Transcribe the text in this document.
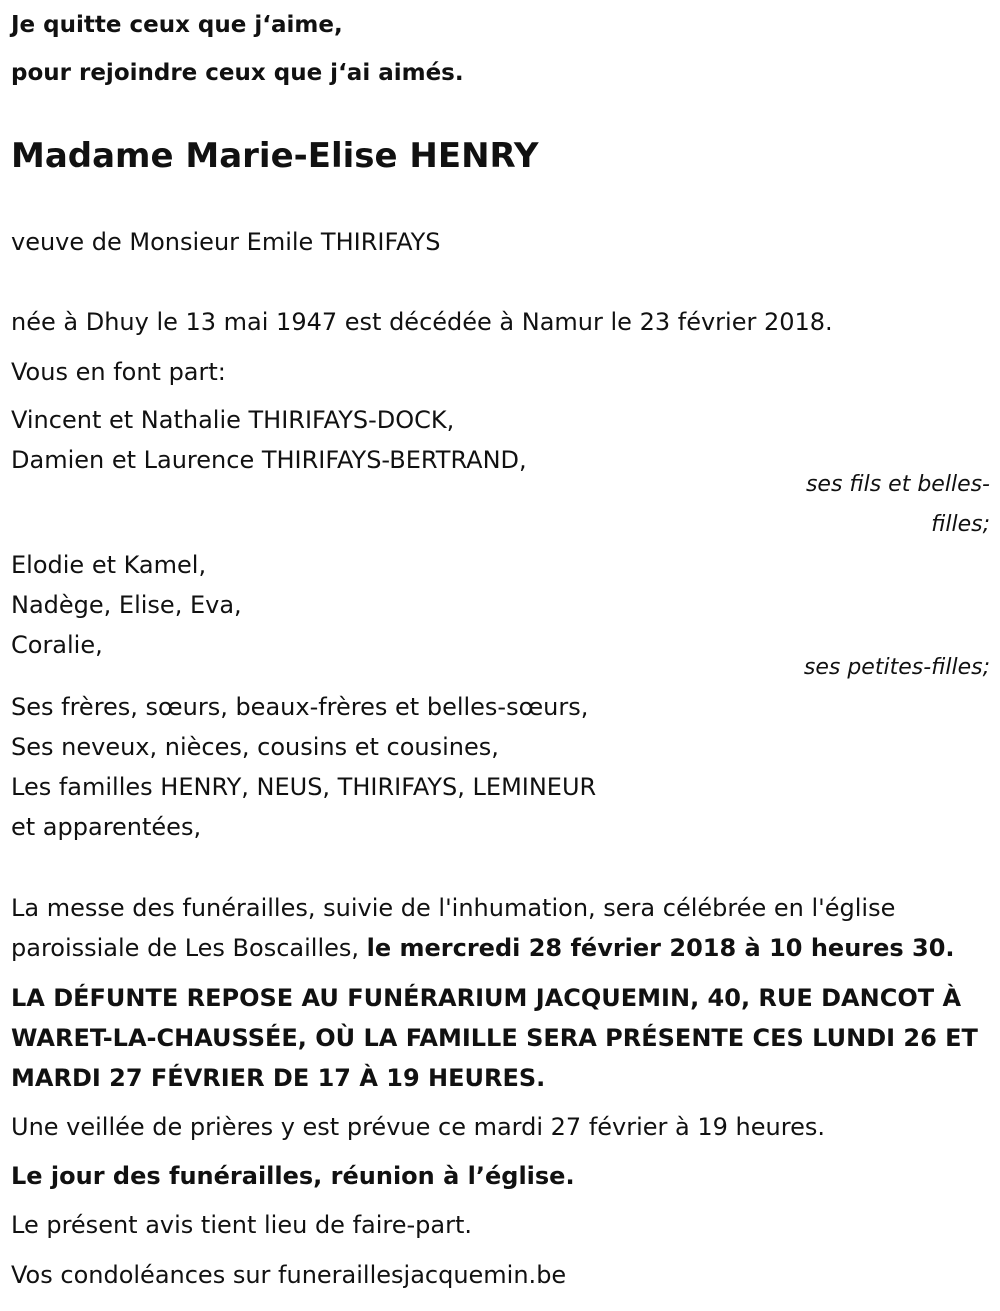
Je quitte ceux que j‘aime,
pour rejoindre ceux que j‘ai aimés.
Madame Marie-Elise HENRY
veuve de Monsieur Emile THIRIFAYS
née à Dhuy le 13 mai 1947 est décédée à Namur le 23 février 2018.
Vous en font part:
Vincent et Nathalie THIRIFAYS-DOCK,
Damien et Laurence THIRIFAYS-BERTRAND,
ses fils et belles-
filles;
Elodie et Kamel,
Nadège, Elise, Eva,
Coralie,
ses petites-filles;
Ses frères, sœurs, beaux-frères et belles-sœurs,
Ses neveux, nièces, cousins et cousines,
Les familles HENRY, NEUS, THIRIFAYS, LEMINEUR
et apparentées,
La messe des funérailles, suivie de l'inhumation, sera célébrée en l'église
paroissiale de Les Boscailles, le mercredi 28 février 2018 à 10 heures 30.
LA DÉFUNTE REPOSE AU FUNÉRARIUM JACQUEMIN, 40, RUE DANCOT À
WARET-LA-CHAUSSÉE, OÙ LA FAMILLE SERA PRÉSENTE CES LUNDI 26 ET
MARDI 27 FÉVRIER DE 17 À 19 HEURES.
Une veillée de prières y est prévue ce mardi 27 février à 19 heures.
Le jour des funérailles, réunion à l’église.
Le présent avis tient lieu de faire-part.
Vos condoléances sur funeraillesjacquemin.be
